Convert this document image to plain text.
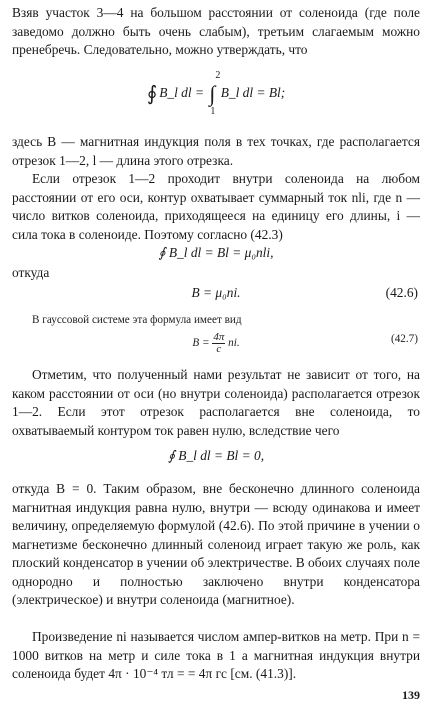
Взяв участок 3—4 на большом расстоянии от соленоида (где поле заведомо должно быть очень слабым), третьим слагаемым можно пренебречь. Следовательно, можно утверждать, что

∮ B_l dl = ∫
2
1
B_l dl = Bl;

здесь B — магнитная индукция поля в тех точках, где располагается отрезок 1—2, l — длина этого отрезка.

Если отрезок 1—2 проходит внутри соленоида на любом расстоянии от его оси, контур охватывает суммарный ток nli, где n — число витков соленоида, приходящееся на единицу его длины, i — сила тока в соленоиде. Поэтому согласно (42.3)

∮ B_l dl = Bl = μ₀nli,

откуда

B = μ₀ni.	(42.6)

В гауссовой системе эта формула имеет вид

$B = \frac{4\pi}{c}$ ni.	(42.7)

Отметим, что полученный нами результат не зависит от того, на каком расстоянии от оси (но внутри соленоида) располагается отрезок 1—2. Если этот отрезок располагается вне соленоида, то охватываемый контуром ток равен нулю, вследствие чего

∮ B_l dl = Bl = 0,

откуда B = 0. Таким образом, вне бесконечно длинного соленоида магнитная индукция равна нулю, внутри — всюду одинакова и имеет величину, определяемую формулой (42.6). По этой причине в учении о магнетизме бесконечно длинный соленоид играет такую же роль, как плоский конденсатор в учении об электричестве. В обоих случаях поле однородно и полностью заключено внутри конденсатора (электрическое) и внутри соленоида (магнитное).

Произведение ni называется числом ампер-витков на метр. При n = 1000 витков на метр и силе тока в 1 а магнитная индукция внутри соленоида будет 4π · 10⁻⁴ тл = = 4π гс [см. (41.3)].

139
